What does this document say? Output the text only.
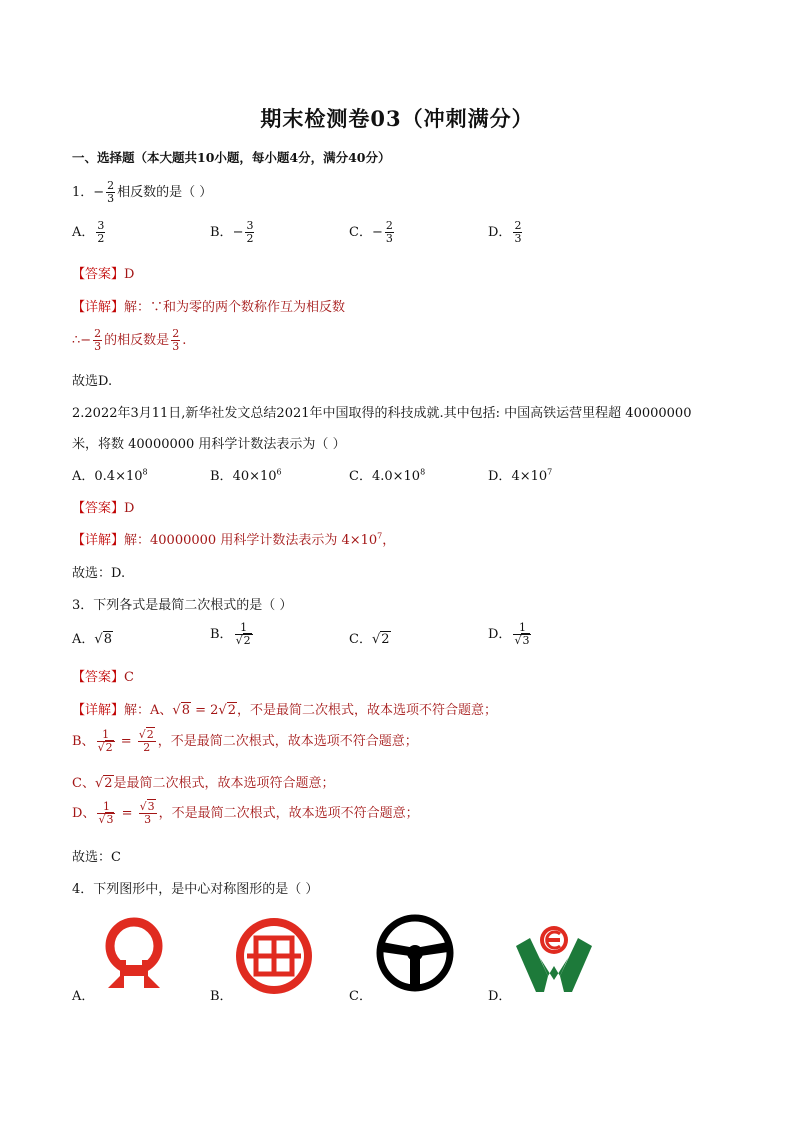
期末检测卷03（冲刺满分）
一、选择题（本大题共10小题，每小题4分，满分40分）
1．− $\frac{2}{3}$ 相反数的是（ ）
A． $\frac{3}{2}$	B．− $\frac{3}{2}$	C．− $\frac{2}{3}$	D． $\frac{2}{3}$
【答案】D
【详解】解：∵和为零的两个数称作互为相反数
∴− $\frac{2}{3}$ 的相反数是 $\frac{2}{3}$ .
故选D.
2.2022年3月11日,新华社发文总结2021年中国取得的科技成就.其中包括: 中国高铁运营里程超 40000000
米，将数 40000000 用科学计数法表示为（ ）
A．$0.4\times 10^8$	B．$40\times 10^6$	C．$4.0\times 10^8$	D．$4\times 10^7$
【答案】D
【详解】解：40000000 用科学计数法表示为 $4\times 10^7$，
故选：D.
3．下列各式是最简二次根式的是（ ）
A．√8	B． $\frac{1}{√2}$	C．√2	D． $\frac{1}{√3}$
【答案】C
【详解】解：A、√8 = 2√2，不是最简二次根式，故本选项不符合题意；
B、 $\frac{1}{√2} = \frac{√2}{2}$ ，不是最简二次根式，故本选项不符合题意；
C、√2是最简二次根式，故本选项符合题意；
D、 $\frac{1}{√3} = \frac{√3}{3}$ ，不是最简二次根式，故本选项不符合题意；
故选：C
4．下列图形中，是中心对称图形的是（ ）
A．	B．	C．	D．
